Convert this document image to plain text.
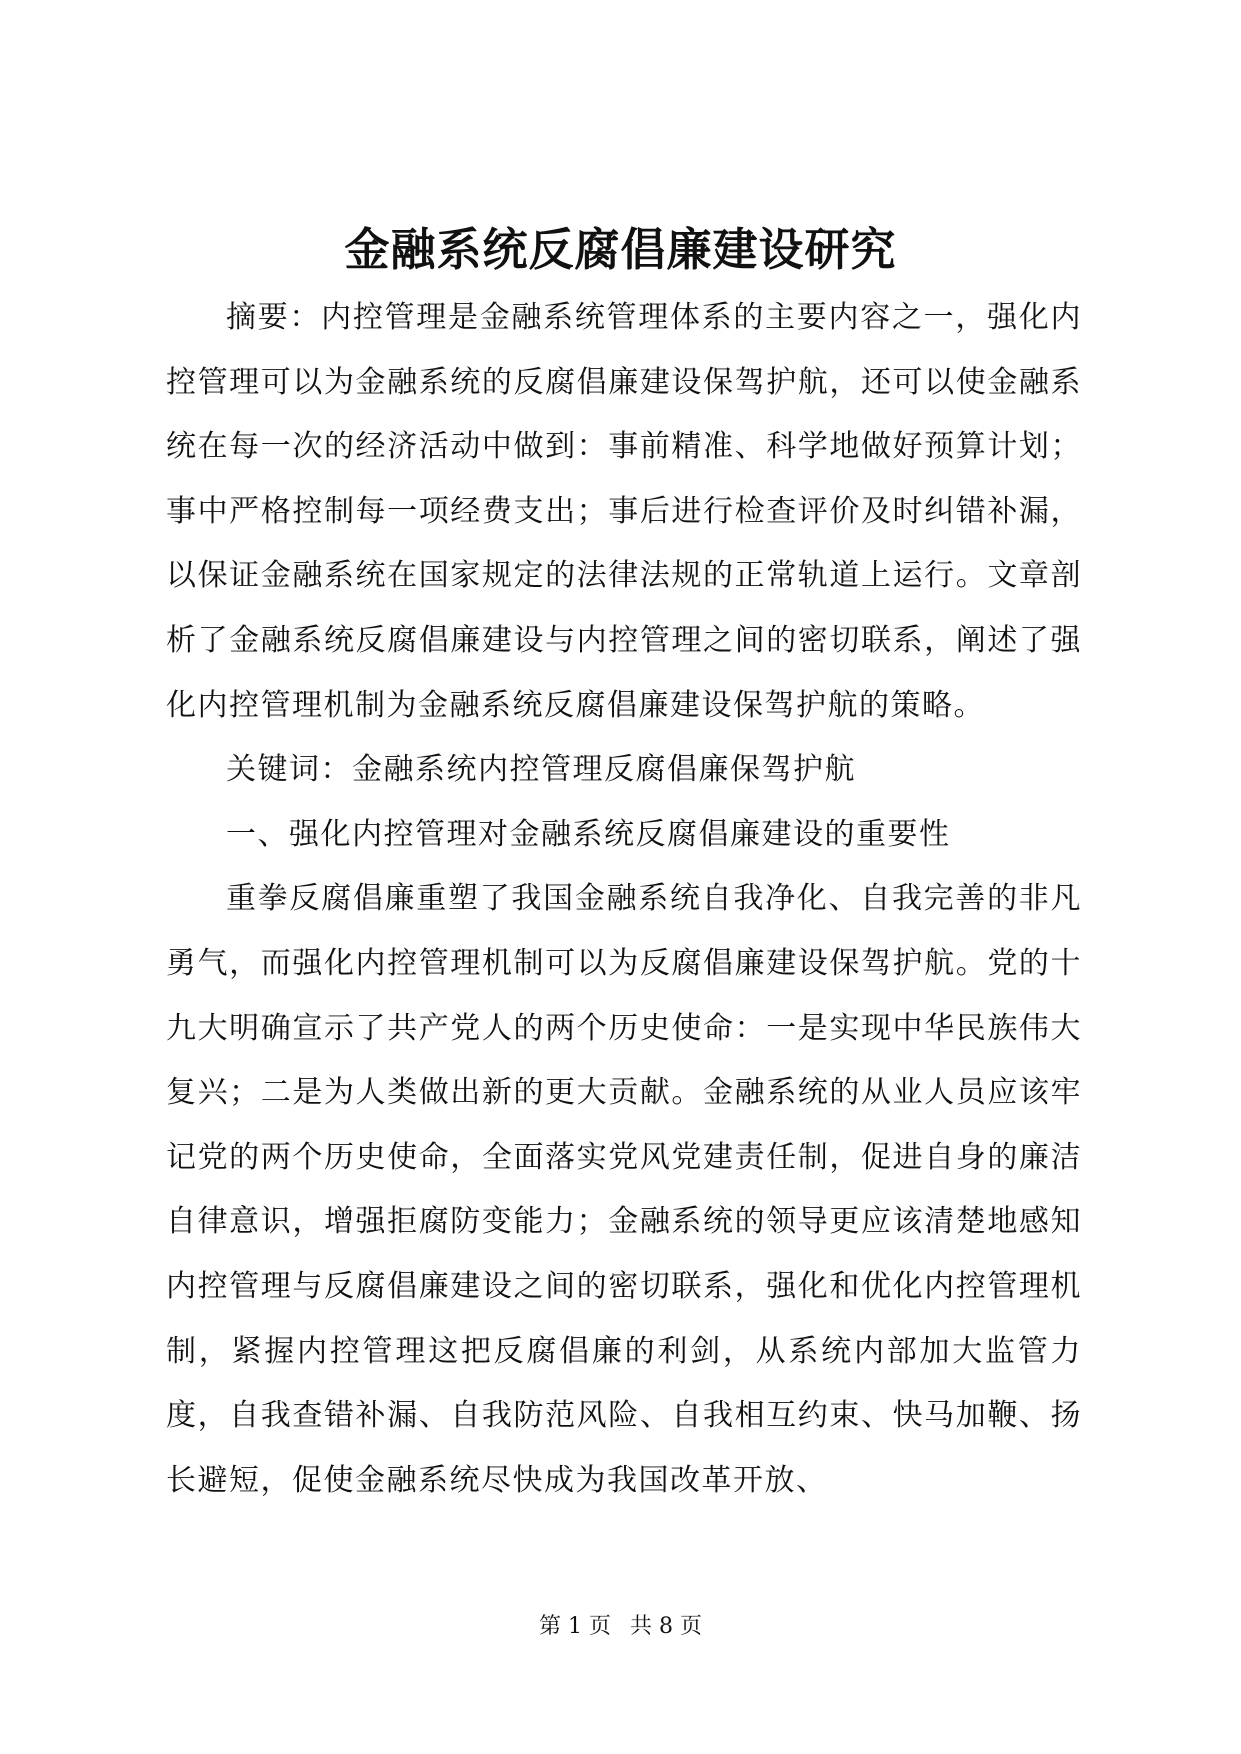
金融系统反腐倡廉建设研究

摘要：内控管理是金融系统管理体系的主要内容之一，强化内控管理可以为金融系统的反腐倡廉建设保驾护航，还可以使金融系统在每一次的经济活动中做到：事前精准、科学地做好预算计划；事中严格控制每一项经费支出；事后进行检查评价及时纠错补漏，以保证金融系统在国家规定的法律法规的正常轨道上运行。文章剖析了金融系统反腐倡廉建设与内控管理之间的密切联系，阐述了强化内控管理机制为金融系统反腐倡廉建设保驾护航的策略。

关键词：金融系统内控管理反腐倡廉保驾护航

一、强化内控管理对金融系统反腐倡廉建设的重要性

重拳反腐倡廉重塑了我国金融系统自我净化、自我完善的非凡勇气，而强化内控管理机制可以为反腐倡廉建设保驾护航。党的十九大明确宣示了共产党人的两个历史使命：一是实现中华民族伟大复兴；二是为人类做出新的更大贡献。金融系统的从业人员应该牢记党的两个历史使命，全面落实党风党建责任制，促进自身的廉洁自律意识，增强拒腐防变能力；金融系统的领导更应该清楚地感知内控管理与反腐倡廉建设之间的密切联系，强化和优化内控管理机制，紧握内控管理这把反腐倡廉的利剑，从系统内部加大监管力度，自我查错补漏、自我防范风险、自我相互约束、快马加鞭、扬长避短，促使金融系统尽快成为我国改革开放、

第 1 页 共 8 页
